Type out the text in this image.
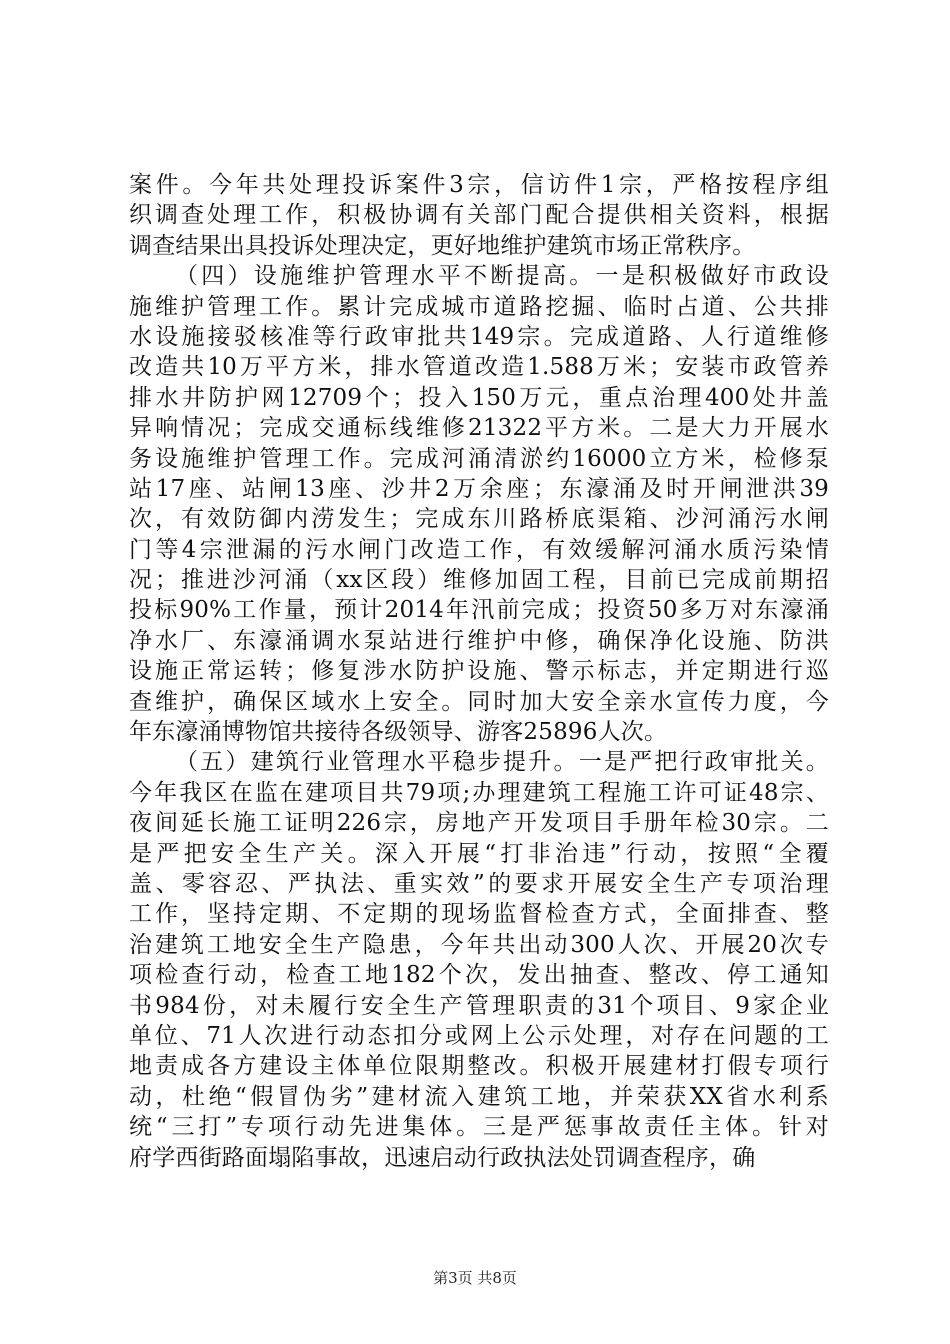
案件。今年共处理投诉案件3宗，信访件1宗，严格按程序组
织调查处理工作，积极协调有关部门配合提供相关资料，根据
调查结果出具投诉处理决定，更好地维护建筑市场正常秩序。
（四）设施维护管理水平不断提高。一是积极做好市政设
施维护管理工作。累计完成城市道路挖掘、临时占道、公共排
水设施接驳核准等行政审批共149宗。完成道路、人行道维修
改造共10万平方米，排水管道改造1.588万米；安装市政管养
排水井防护网12709个；投入150万元，重点治理400处井盖
异响情况；完成交通标线维修21322平方米。二是大力开展水
务设施维护管理工作。完成河涌清淤约16000立方米，检修泵
站17座、站闸13座、沙井2万余座；东濠涌及时开闸泄洪39
次，有效防御内涝发生；完成东川路桥底渠箱、沙河涌污水闸
门等4宗泄漏的污水闸门改造工作，有效缓解河涌水质污染情
况；推进沙河涌（xx区段）维修加固工程，目前已完成前期招
投标90%工作量，预计2014年汛前完成；投资50多万对东濠涌
净水厂、东濠涌调水泵站进行维护中修，确保净化设施、防洪
设施正常运转；修复涉水防护设施、警示标志，并定期进行巡
查维护，确保区域水上安全。同时加大安全亲水宣传力度，今
年东濠涌博物馆共接待各级领导、游客25896人次。
（五）建筑行业管理水平稳步提升。一是严把行政审批关。
今年我区在监在建项目共79项;办理建筑工程施工许可证48宗、
夜间延长施工证明226宗，房地产开发项目手册年检30宗。二
是严把安全生产关。深入开展“打非治违”行动，按照“全覆
盖、零容忍、严执法、重实效”的要求开展安全生产专项治理
工作，坚持定期、不定期的现场监督检查方式，全面排查、整
治建筑工地安全生产隐患，今年共出动300人次、开展20次专
项检查行动，检查工地182个次，发出抽查、整改、停工通知
书984份，对未履行安全生产管理职责的31个项目、9家企业
单位、71人次进行动态扣分或网上公示处理，对存在问题的工
地责成各方建设主体单位限期整改。积极开展建材打假专项行
动，杜绝“假冒伪劣”建材流入建筑工地，并荣获XX省水利系
统“三打”专项行动先进集体。三是严惩事故责任主体。针对
府学西街路面塌陷事故，迅速启动行政执法处罚调查程序，确
第3页 共8页
